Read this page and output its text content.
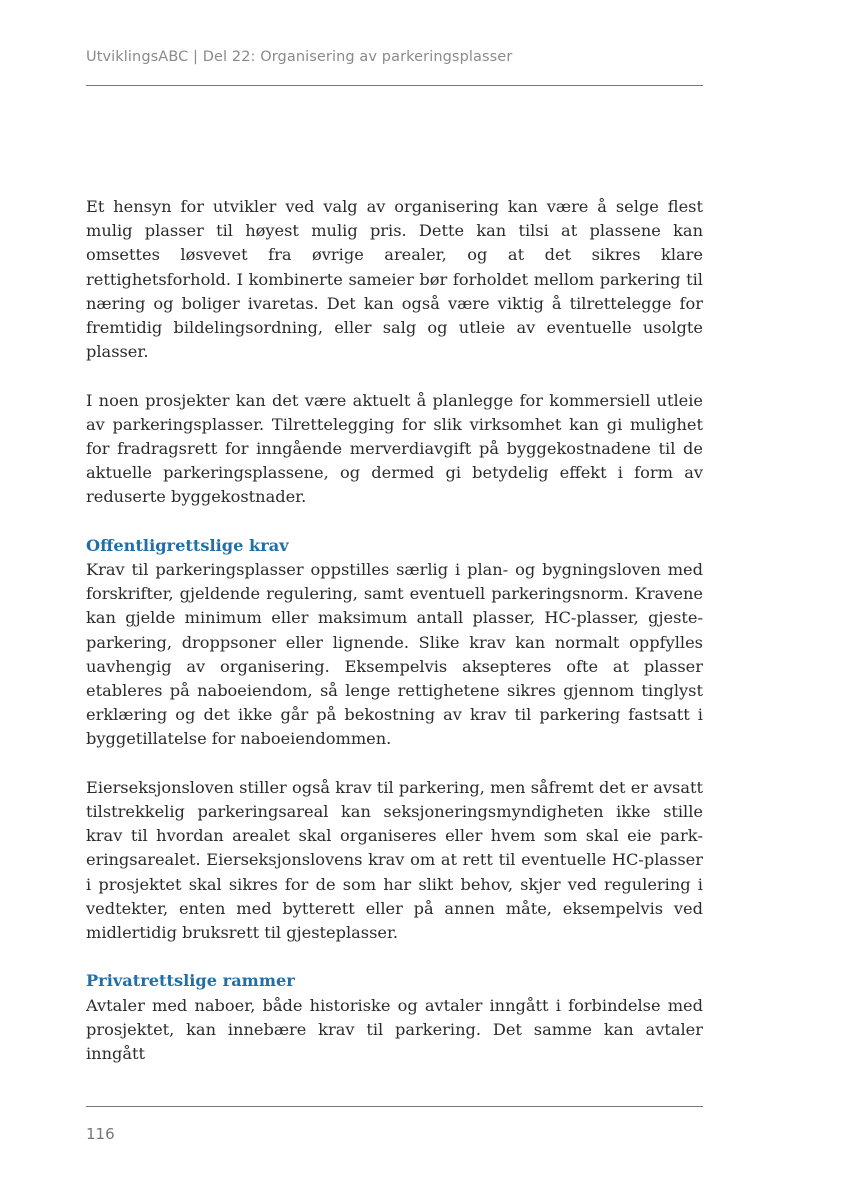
UtviklingsABC | Del 22: Organisering av parkeringsplasser

Et hensyn for utvikler ved valg av organisering kan være å selge flest mulig plasser til høyest mulig pris. Dette kan tilsi at plassene kan omsettes løsvevet fra øvrige arealer, og at det sikres klare rettighetsforhold. I kombinerte sameier bør forholdet mellom parkering til næring og boliger ivaretas. Det kan også være viktig å tilrettelegge for fremtidig bildelingsordning, eller salg og utleie av eventuelle usolgte plasser.

I noen prosjekter kan det være aktuelt å planlegge for kommersiell utleie av parkeringsplasser. Tilrettelegging for slik virksomhet kan gi mulighet for fradragsrett for inngående merverdiavgift på byggekostnadene til de aktuelle parkeringsplassene, og dermed gi betydelig effekt i form av reduserte byggekostnader.

Offentligrettslige krav

Krav til parkeringsplasser oppstilles særlig i plan- og bygningsloven med forskrifter, gjeldende regulering, samt eventuell parkeringsnorm. Kravene kan gjelde minimum eller maksimum antall plasser, HC-plasser, gjesteparkering, droppsoner eller lignende. Slike krav kan normalt oppfylles uavhengig av organisering. Eksempelvis aksepteres ofte at plasser etableres på naboeiendom, så lenge rettighetene sikres gjennom tinglyst erklæring og det ikke går på bekostning av krav til parkering fastsatt i byggetillatelse for naboeiendommen.

Eierseksjonsloven stiller også krav til parkering, men såfremt det er avsatt tilstrekkelig parkeringsareal kan seksjoneringsmyndigheten ikke stille krav til hvordan arealet skal organiseres eller hvem som skal eie parkeringsarealet. Eierseksjonslovens krav om at rett til eventuelle HC-plasser i prosjektet skal sikres for de som har slikt behov, skjer ved regulering i vedtekter, enten med bytterett eller på annen måte, eksempelvis ved midlertidig bruksrett til gjesteplasser.

Privatrettslige rammer

Avtaler med naboer, både historiske og avtaler inngått i forbindelse med prosjektet, kan innebære krav til parkering. Det samme kan avtaler inngått

116
